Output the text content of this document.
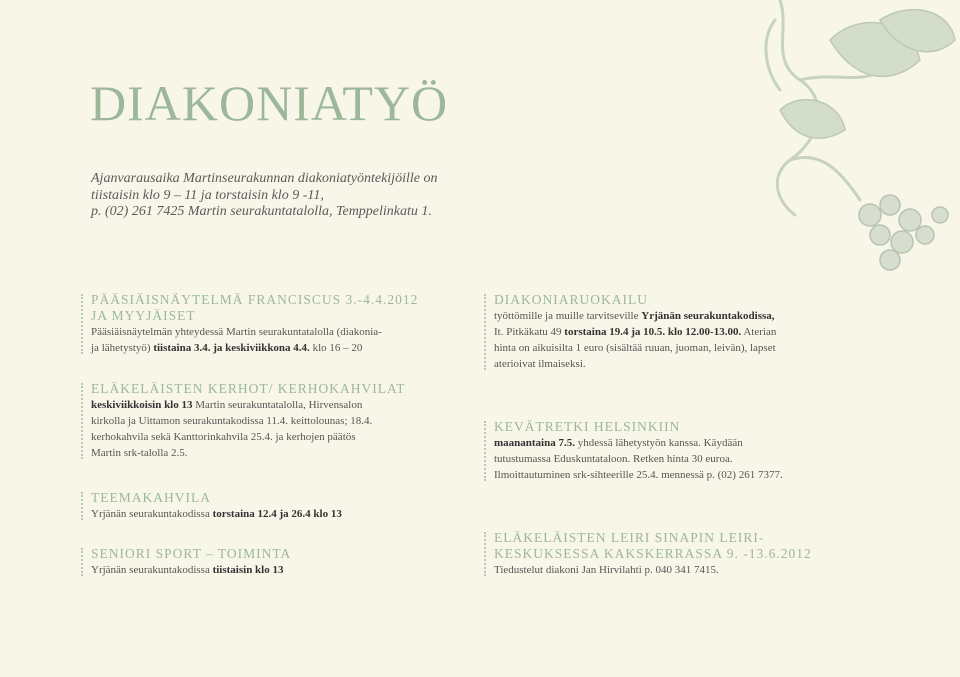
DIAKONIATYÖ
Ajanvarausaika Martinseurakunnan diakoniatyöntekijöille on
tiistaisin klo 9 – 11 ja torstaisin klo 9 -11,
p. (02) 261 7425 Martin seurakuntatalolla, Temppelinkatu 1.
PÄÄSIÄISNÄYTELMÄ FRANCISCUS 3.-4.4.2012
JA MYYJÄISET
Pääsiäisnäytelmän yhteydessä Martin seurakuntatalolla (diakonia-
ja lähetystyö) tiistaina 3.4. ja keskiviikkona 4.4. klo 16 – 20
ELÄKELÄISTEN KERHOT/ KERHOKAHVILAT
keskiviikkoisin klo 13 Martin seurakuntatalolla, Hirvensalon
kirkolla ja Uittamon seurakuntakodissa 11.4. keittolounas; 18.4.
kerhokahvila sekä Kanttorinkahvila 25.4. ja kerhojen päätös
Martin srk-talolla 2.5.
TEEMAKAHVILA
Yrjänän seurakuntakodissa torstaina 12.4 ja 26.4 klo 13
SENIORI SPORT – TOIMINTA
Yrjänän seurakuntakodissa tiistaisin klo 13
DIAKONIARUOKAILU
työttömille ja muille tarvitseville Yrjänän seurakuntakodissa,
It. Pitkäkatu 49 torstaina 19.4 ja 10.5. klo 12.00-13.00. Aterian
hinta on aikuisilta 1 euro (sisältää ruuan, juoman, leivän), lapset
aterioivat ilmaiseksi.
KEVÄTRETKI HELSINKIIN
maanantaina 7.5. yhdessä lähetystyön kanssa. Käydään
tutustumassa Eduskuntataloon. Retken hinta 30 euroa.
Ilmoittautuminen srk-sihteerille 25.4. mennessä p. (02) 261 7377.
ELÄKELÄISTEN LEIRI SINAPIN LEIRI-
KESKUKSESSA KAKSKERRASSA 9. -13.6.2012
Tiedustelut diakoni Jan Hirvilahti p. 040 341 7415.
